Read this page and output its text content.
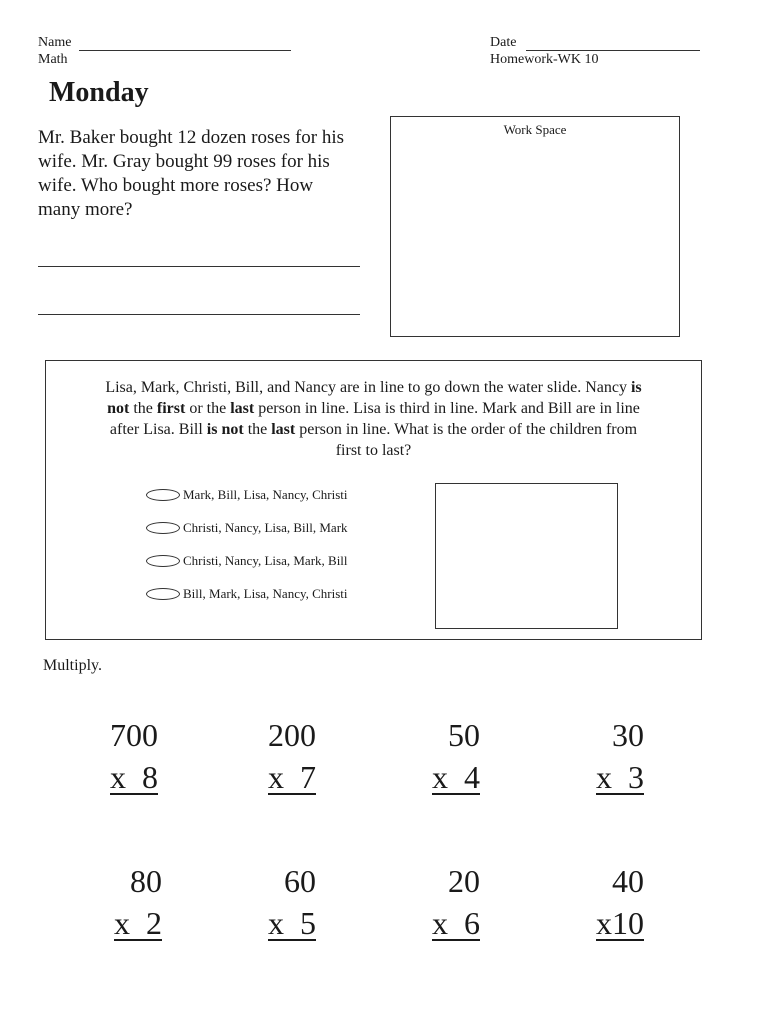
Name
Math
Date
Homework-WK 10
Monday
Mr. Baker bought 12 dozen roses for his
wife. Mr. Gray bought 99 roses for his
wife. Who bought more roses? How
many more?
Work Space
Lisa, Mark, Christi, Bill, and Nancy are in line to go down the water slide. Nancy is
not the first or the last person in line. Lisa is third in line. Mark and Bill are in line
after Lisa. Bill is not the last person in line. What is the order of the children from
first to last?
Mark, Bill, Lisa, Nancy, Christi
Christi, Nancy, Lisa, Bill, Mark
Christi, Nancy, Lisa, Mark, Bill
Bill, Mark, Lisa, Nancy, Christi
Multiply.
700
x  8
200
x  7
50
x  4
30
x  3
80
x  2
60
x  5
20
x  6
40
x10
